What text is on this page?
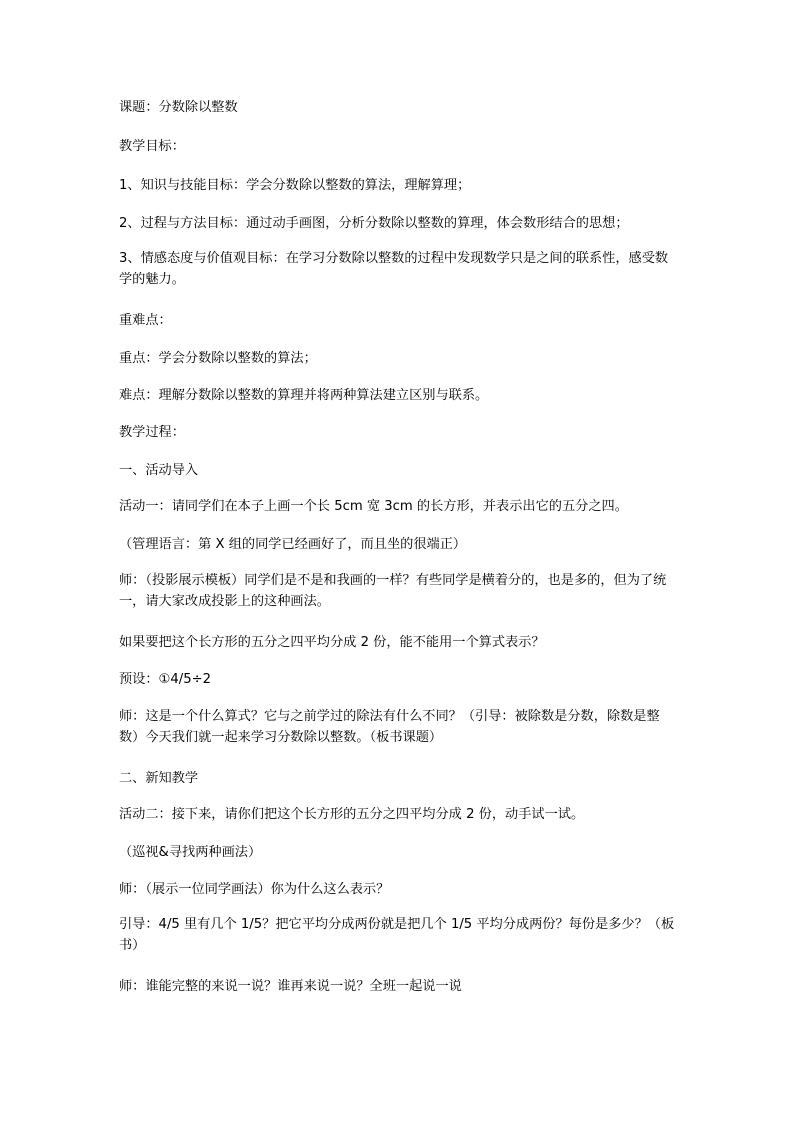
课题：分数除以整数

教学目标：

1、知识与技能目标：学会分数除以整数的算法，理解算理；

2、过程与方法目标：通过动手画图，分析分数除以整数的算理，体会数形结合的思想；

3、情感态度与价值观目标：在学习分数除以整数的过程中发现数学只是之间的联系性，感受数学的魅力。

重难点：

重点：学会分数除以整数的算法；

难点：理解分数除以整数的算理并将两种算法建立区别与联系。

教学过程：

一、活动导入

活动一：请同学们在本子上画一个长 5cm 宽 3cm 的长方形，并表示出它的五分之四。

（管理语言：第 X 组的同学已经画好了，而且坐的很端正）

师：（投影展示模板）同学们是不是和我画的一样？有些同学是横着分的，也是多的，但为了统一，请大家改成投影上的这种画法。

如果要把这个长方形的五分之四平均分成 2 份，能不能用一个算式表示？

预设：①4/5÷2

师：这是一个什么算式？它与之前学过的除法有什么不同？（引导：被除数是分数，除数是整数）今天我们就一起来学习分数除以整数。（板书课题）

二、新知教学

活动二：接下来，请你们把这个长方形的五分之四平均分成 2 份，动手试一试。

（巡视&寻找两种画法）

师：（展示一位同学画法）你为什么这么表示？

引导：4/5 里有几个 1/5？把它平均分成两份就是把几个 1/5 平均分成两份？每份是多少？（板书）

师：谁能完整的来说一说？谁再来说一说？全班一起说一说
